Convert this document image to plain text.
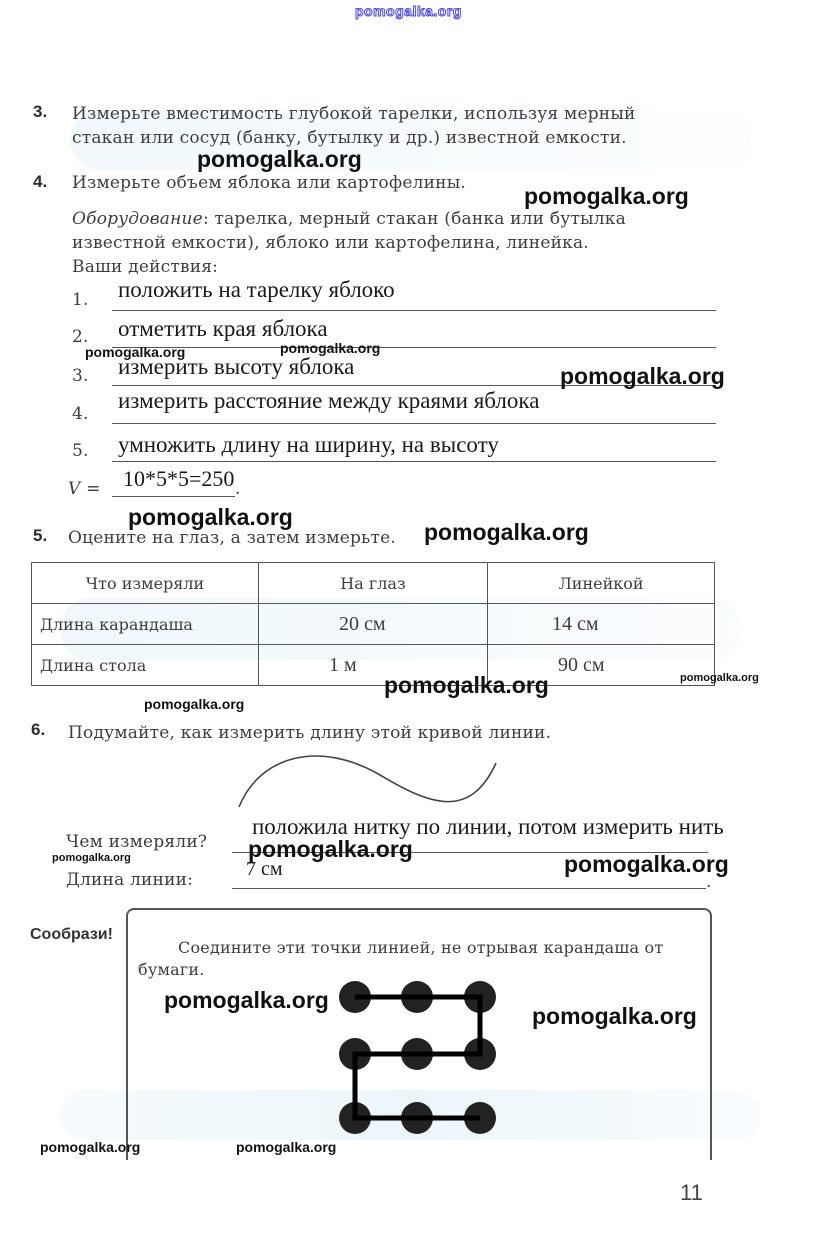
pomogalka.org
3. Измерьте вместимость глубокой тарелки, используя мерный
стакан или сосуд (банку, бутылку и др.) известной емкости.
4. Измерьте объем яблока или картофелины.
Оборудование: тарелка, мерный стакан (банка или бутылка
известной емкости), яблоко или картофелина, линейка.
Ваши действия:
1. положить на тарелку яблоко
2. отметить края яблока
3. измерить высоту яблока
4.
измерить расстояние между краями яблока
5. умножить длину на ширину, на высоту
V = 10*5*5=250 .
5. Оцените на глаз, а затем измерьте.
Что измеряли	На глаз	Линейкой
Длина карандаша	20 см	14 см
Длина стола	1 м	90 см
6. Подумайте, как измерить длину этой кривой линии.
Чем измеряли?
положила нитку по линии, потом измерить нить
Длина линии:	7 см
.
Сообрази!
Соедините эти точки линией, не отрывая карандаша от
бумаги.
11
pomogalka.org
pomogalka.org
pomogalka.org	pomogalka.org
pomogalka.org
pomogalka.org
pomogalka.org
pomogalka.org	pomogalka.org
pomogalka.org
pomogalka.org
pomogalka.org	pomogalka.org
pomogalka.org
pomogalka.org
pomogalka.org	pomogalka.org
